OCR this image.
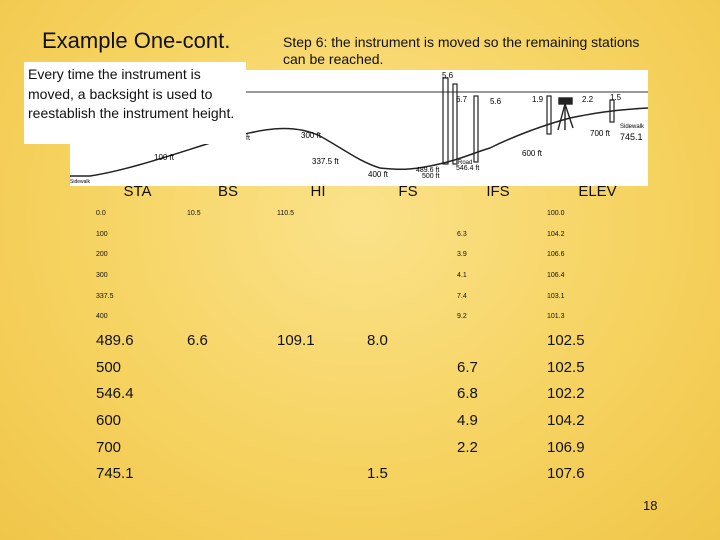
Example One-cont.	Step 6: the instrument is moved so the remaining stations can be reached.
5.6
6.7	5.6	1.9	2.2 1.5
Sidewalk
ft
100 ft
300 ft
337.5 ft
400 ft	489.6 ft
500 ft
Road
546.4 ft
600 ft
700 ft
Sidewalk
745.1
Every time the instrument is moved, a backsight is used to reestablish the instrument height.
STA	BS	HI	FS	IFS	ELEV
0.0	10.5	110.5			100.0
100				6.3	104.2
200				3.9	106.6
300				4.1	106.4
337.5				7.4	103.1
400				9.2	101.3
489.6	6.6	109.1	8.0		102.5
500				6.7	102.5
546.4				6.8	102.2
600				4.9	104.2
700				2.2	106.9
745.1			1.5		107.6
18
